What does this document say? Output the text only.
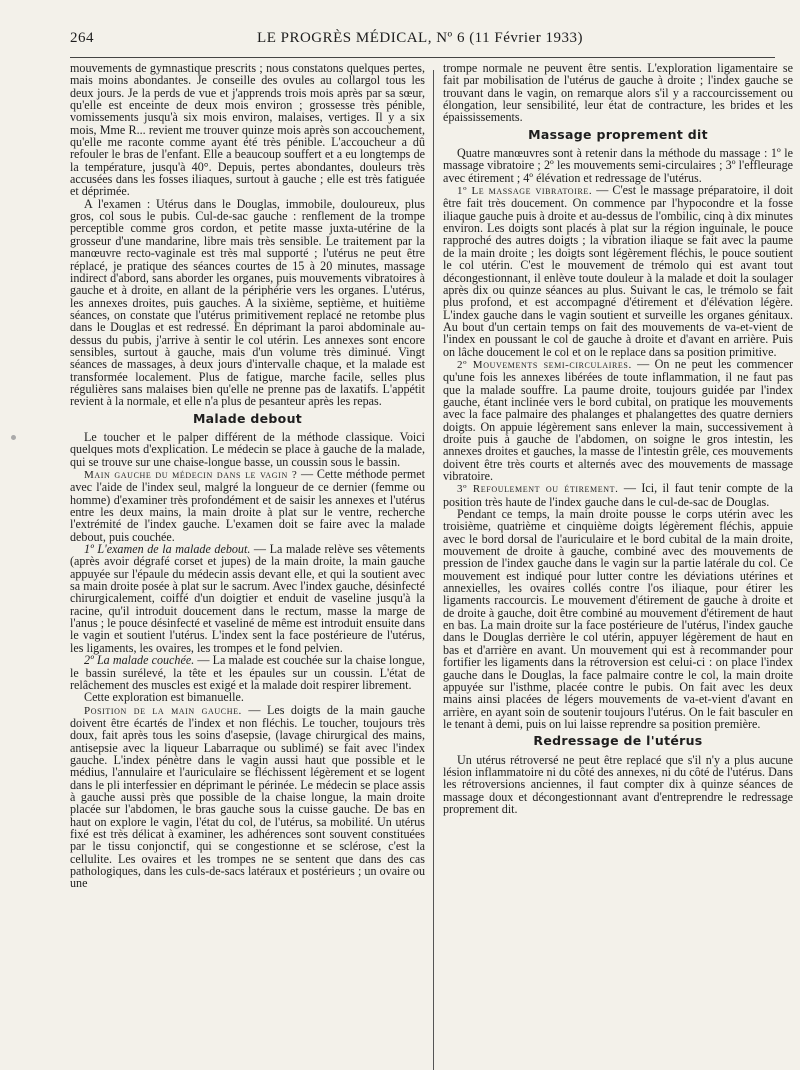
264	LE PROGRÈS MÉDICAL, Nº 6 (11 Février 1933)

mouvements de gymnastique prescrits ; nous constatons quelques pertes, mais moins abondantes. Je conseille des ovules au collargol tous les deux jours. Je la perds de vue et j'apprends trois mois après par sa sœur, qu'elle est enceinte de deux mois environ ; grossesse très pénible, vomissements jusqu'à six mois environ, malaises, vertiges. Il y a six mois, Mme R... revient me trouver quinze mois après son accouchement, qu'elle me raconte comme ayant été très pénible. L'accoucheur a dû refouler le bras de l'enfant. Elle a beaucoup souffert et a eu longtemps de la température, jusqu'à 40°. Depuis, pertes abondantes, douleurs très accusées dans les fosses iliaques, surtout à gauche ; elle est très fatiguée et déprimée.

A l'examen : Utérus dans le Douglas, immobile, douloureux, plus gros, col sous le pubis. Cul-de-sac gauche : renflement de la trompe perceptible comme gros cordon, et petite masse juxta-utérine de la grosseur d'une mandarine, libre mais très sensible. Le traitement par la manœuvre recto-vaginale est très mal supporté ; l'utérus ne peut être réplacé, je pratique des séances courtes de 15 à 20 minutes, massage indirect d'abord, sans aborder les organes, puis mouvements vibratoires à gauche et à droite, en allant de la périphérie vers les organes. L'utérus, les annexes droites, puis gauches. A la sixième, septième, et huitième séances, on constate que l'utérus primitivement replacé ne retombe plus dans le Douglas et est redressé. En déprimant la paroi abdominale au-dessus du pubis, j'arrive à sentir le col utérin. Les annexes sont encore sensibles, surtout à gauche, mais d'un volume très diminué. Vingt séances de massages, à deux jours d'intervalle chaque, et la malade est transformée localement. Plus de fatigue, marche facile, selles plus régulières sans malaises bien qu'elle ne prenne pas de laxatifs. L'appétit revient à la normale, et elle n'a plus de pesanteur après les repas.

Malade debout

Le toucher et le palper différent de la méthode classique. Voici quelques mots d'explication. Le médecin se place à gauche de la malade, qui se trouve sur une chaise-longue basse, un coussin sous le bassin.

Main gauche du médecin dans le vagin ? — Cette méthode permet avec l'aide de l'index seul, malgré la longueur de ce dernier (femme ou homme) d'examiner très profondément et de saisir les annexes et l'utérus entre les deux mains, la main droite à plat sur le ventre, recherche l'extrémité de l'index gauche. L'examen doit se faire avec la malade debout, puis couchée.

1º L'examen de la malade debout. — La malade relève ses vêtements (après avoir dégrafé corset et jupes) de la main droite, la main gauche appuyée sur l'épaule du médecin assis devant elle, et qui la soutient avec sa main droite posée à plat sur le sacrum. Avec l'index gauche, désinfecté chirurgicalement, coiffé d'un doigtier et enduit de vaseline jusqu'à la racine, qu'il introduit doucement dans le rectum, masse la marge de l'anus ; le pouce désinfecté et vaseliné de même est introduit ensuite dans le vagin et soutient l'utérus. L'index sent la face postérieure de l'utérus, les ligaments, les ovaires, les trompes et le fond pelvien.

2º La malade couchée. — La malade est couchée sur la chaise longue, le bassin surélevé, la tête et les épaules sur un coussin. L'état de relâchement des muscles est exigé et la malade doit respirer librement.

Cette exploration est bimanuelle.

Position de la main gauche. — Les doigts de la main gauche doivent être écartés de l'index et non fléchis. Le toucher, toujours très doux, fait après tous les soins d'asepsie, (lavage chirurgical des mains, antisepsie avec la liqueur Labarraque ou sublimé) se fait avec l'index gauche. L'index pénètre dans le vagin aussi haut que possible et le médius, l'annulaire et l'auriculaire se fléchissent légèrement et se logent dans le pli interfessier en déprimant le périnée. Le médecin se place assis à gauche aussi près que possible de la chaise longue, la main droite placée sur l'abdomen, le bras gauche sous la cuisse gauche. De bas en haut on explore le vagin, l'état du col, de l'utérus, sa mobilité. Un utérus fixé est très délicat à examiner, les adhérences sont souvent constituées par le tissu conjonctif, qui se congestionne et se sclérose, c'est la cellulite. Les ovaires et les trompes ne se sentent que dans des cas pathologiques, dans les culs-de-sacs latéraux et postérieurs ; un ovaire ou une

trompe normale ne peuvent être sentis. L'exploration ligamentaire se fait par mobilisation de l'utérus de gauche à droite ; l'index gauche se trouvant dans le vagin, on remarque alors s'il y a raccourcissement ou élongation, leur sensibilité, leur état de contracture, les brides et les épaississements.

Massage proprement dit

Quatre manœuvres sont à retenir dans la méthode du massage : 1º le massage vibratoire ; 2º les mouvements semi-circulaires ; 3º l'effleurage avec étirement ; 4º élévation et redressage de l'utérus.

1º Le massage vibratoire. — C'est le massage préparatoire, il doit être fait très doucement. On commence par l'hypocondre et la fosse iliaque gauche puis à droite et au-dessus de l'ombilic, cinq à dix minutes environ. Les doigts sont placés à plat sur la région inguinale, le pouce rapproché des autres doigts ; la vibration iliaque se fait avec la paume de la main droite ; les doigts sont légèrement fléchis, le pouce soutient le col utérin. C'est le mouvement de trémolo qui est avant tout décongestionnant, il enlève toute douleur à la malade et doit la soulager après dix ou quinze séances au plus. Suivant le cas, le trémolo se fait plus profond, et est accompagné d'étirement et d'élévation légère. L'index gauche dans le vagin soutient et surveille les organes génitaux. Au bout d'un certain temps on fait des mouvements de va-et-vient de l'index en poussant le col de gauche à droite et d'avant en arrière. Puis on lâche doucement le col et on le replace dans sa position primitive.

2º Mouvements semi-circulaires. — On ne peut les commencer qu'une fois les annexes libérées de toute inflammation, il ne faut pas que la malade souffre. La paume droite, toujours guidée par l'index gauche, étant inclinée vers le bord cubital, on pratique les mouvements avec la face palmaire des phalanges et phalangettes des quatre derniers doigts. On appuie légèrement sans enlever la main, successivement à droite puis à gauche de l'abdomen, on soigne le gros intestin, les annexes droites et gauches, la masse de l'intestin grêle, ces mouvements doivent être très courts et alternés avec des mouvements de massage vibratoire.

3º Refoulement ou étirement. — Ici, il faut tenir compte de la position très haute de l'index gauche dans le cul-de-sac de Douglas.

Pendant ce temps, la main droite pousse le corps utérin avec les troisième, quatrième et cinquième doigts légèrement fléchis, appuie avec le bord dorsal de l'auriculaire et le bord cubital de la main droite, mouvement de droite à gauche, combiné avec des mouvements de pression de l'index gauche dans le vagin sur la partie latérale du col. Ce mouvement est indiqué pour lutter contre les déviations utérines et annexielles, les ovaires collés contre l'os iliaque, pour étirer les ligaments raccourcis. Le mouvement d'étirement de gauche à droite et de droite à gauche, doit être combiné au mouvement d'étirement de haut en bas. La main droite sur la face postérieure de l'utérus, l'index gauche dans le Douglas derrière le col utérin, appuyer légèrement de haut en bas et d'arrière en avant. Un mouvement qui est à recommander pour fortifier les ligaments dans la rétroversion est celui-ci : on place l'index gauche dans le Douglas, la face palmaire contre le col, la main droite appuyée sur l'isthme, placée contre le pubis. On fait avec les deux mains ainsi placées de légers mouvements de va-et-vient d'avant en arrière, en ayant soin de soutenir toujours l'utérus. On le fait basculer en le tenant à demi, puis on lui laisse reprendre sa position première.

Redressage de l'utérus

Un utérus rétroversé ne peut être replacé que s'il n'y a plus aucune lésion inflammatoire ni du côté des annexes, ni du côté de l'utérus. Dans les rétroversions anciennes, il faut compter dix à quinze séances de massage doux et décongestionnant avant d'entreprendre le redressage proprement dit.
